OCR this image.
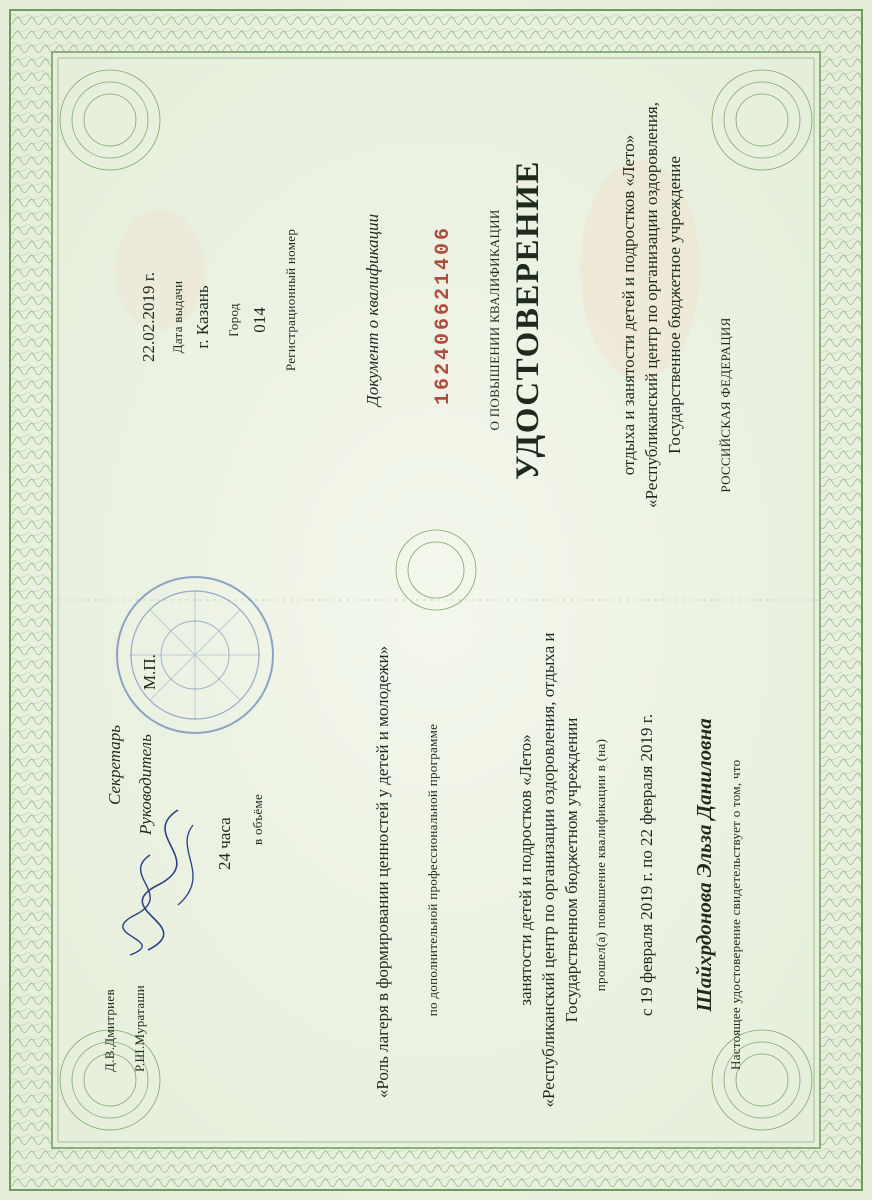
РОССИЙСКАЯ ФЕДЕРАЦИЯ
Государственное бюджетное учреждение
«Республиканский центр по организации оздоровления,
отдыха и занятости детей и подростков «Лето»
УДОСТОВЕРЕНИЕ
О ПОВЫШЕНИИ КВАЛИФИКАЦИИ
162406621406
Документ о квалификации
Регистрационный номер
014
Город
г. Казань
Дата выдачи
22.02.2019 г.
Настоящее удостоверение свидетельствует о том, что
Шайхрдонова Эльза Даниловна
с 19 февраля 2019 г. по 22 февраля 2019 г.
прошел(а) повышение квалификации в (на)
Государственном бюджетном учреждении
«Республиканский центр по организации оздоровления, отдыха и
занятости детей и подростков «Лето»
по дополнительной профессиональной программе
«Роль лагеря в формировании ценностей у детей и молодежи»
в объёме
24 часа
М.П.
Руководитель
Р.Ш.Мураташи
Секретарь
Д.В.Дмитриев
